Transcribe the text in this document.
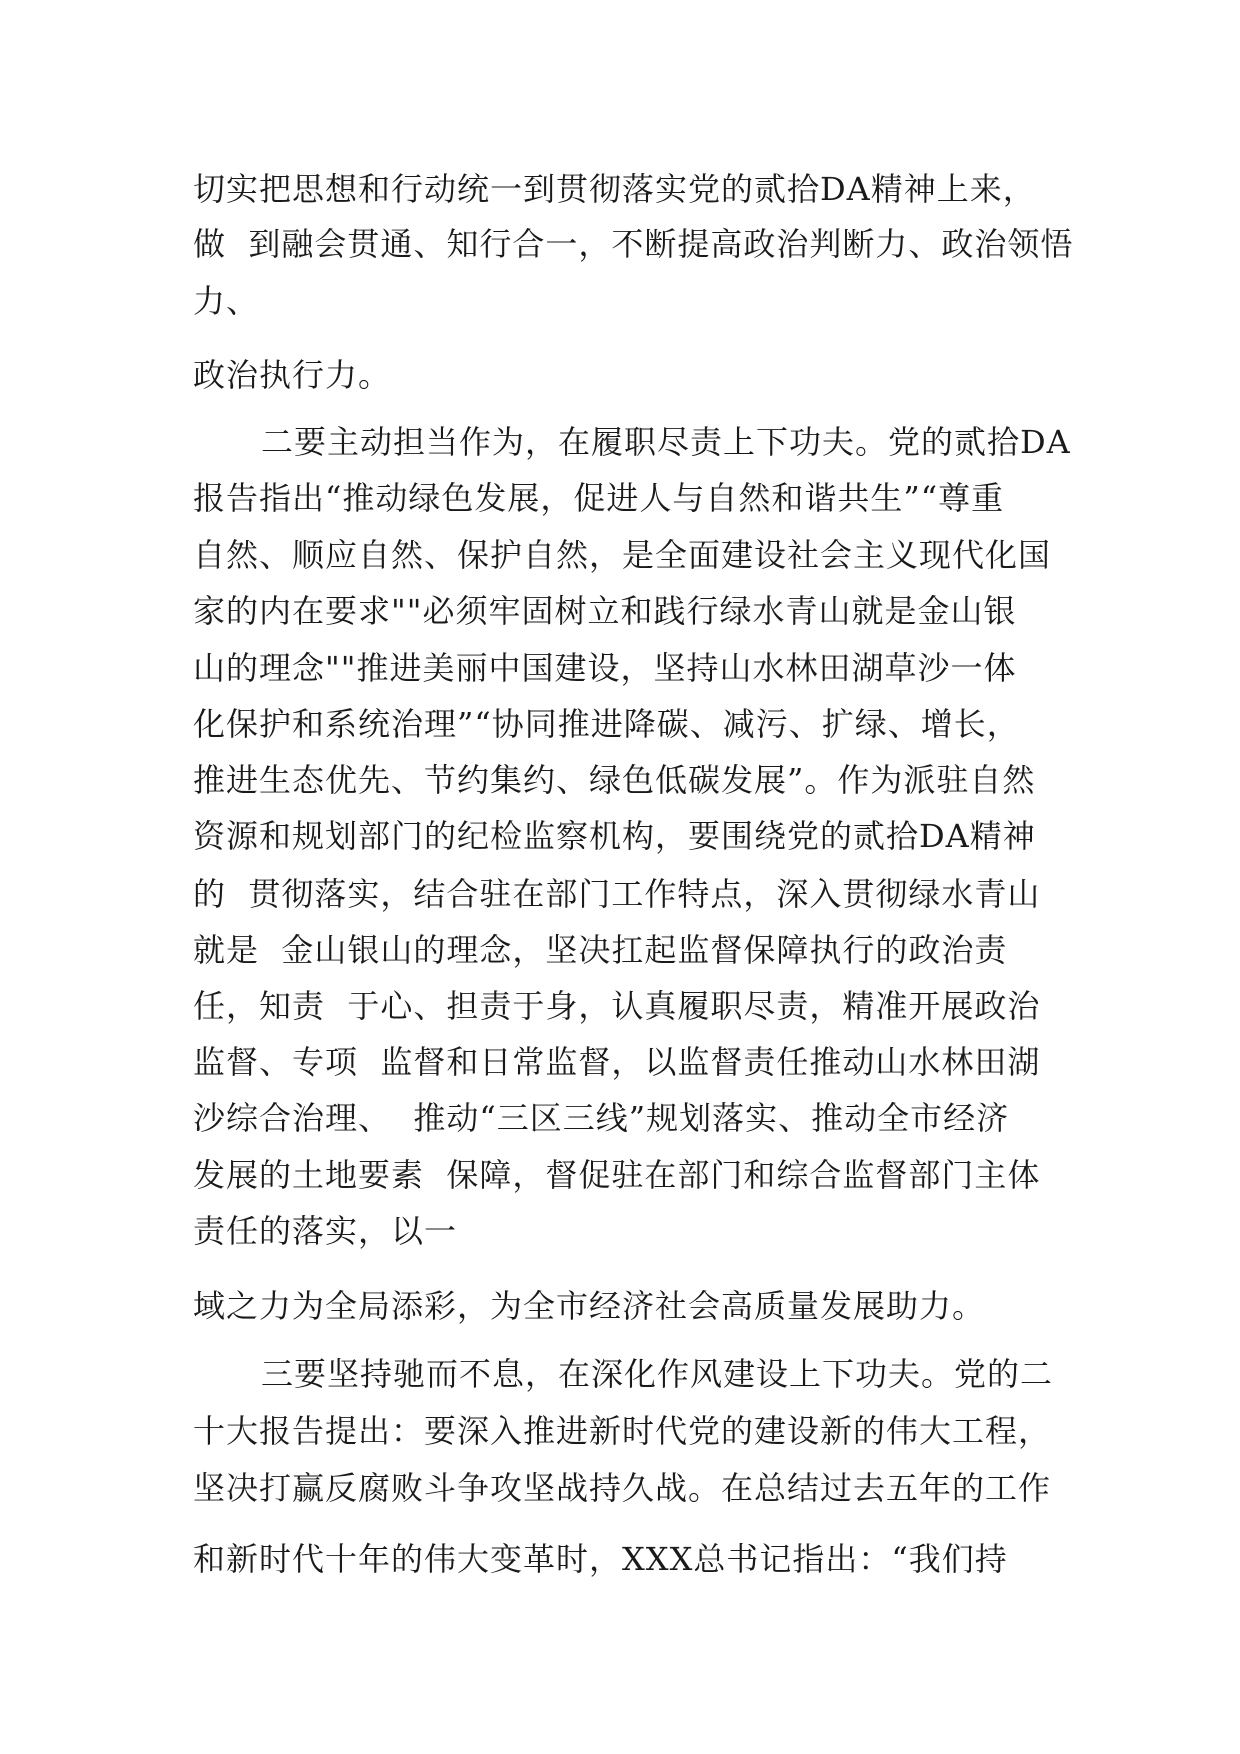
切实把思想和行动统一到贯彻落实党的贰拾DA精神上来，
做  到融会贯通、知行合一，不断提高政治判断力、政治领悟
力、
政治执行力。
二要主动担当作为，在履职尽责上下功夫。党的贰拾DA
报告指出“推动绿色发展，促进人与自然和谐共生”“尊重
自然、顺应自然、保护自然，是全面建设社会主义现代化国
家的内在要求""必须牢固树立和践行绿水青山就是金山银
山的理念""推进美丽中国建设，坚持山水林田湖草沙一体
化保护和系统治理”“协同推进降碳、减污、扩绿、增长，
推进生态优先、节约集约、绿色低碳发展”。作为派驻自然
资源和规划部门的纪检监察机构，要围绕党的贰拾DA精神
的  贯彻落实，结合驻在部门工作特点，深入贯彻绿水青山
就是  金山银山的理念，坚决扛起监督保障执行的政治责
任，知责  于心、担责于身，认真履职尽责，精准开展政治
监督、专项  监督和日常监督，以监督责任推动山水林田湖
沙综合治理、  推动“三区三线”规划落实、推动全市经济
发展的土地要素  保障，督促驻在部门和综合监督部门主体
责任的落实，以一
域之力为全局添彩，为全市经济社会高质量发展助力。
三要坚持驰而不息，在深化作风建设上下功夫。党的二
十大报告提出：要深入推进新时代党的建设新的伟大工程，
坚决打赢反腐败斗争攻坚战持久战。在总结过去五年的工作
和新时代十年的伟大变革时，XXX总书记指出：“我们持
